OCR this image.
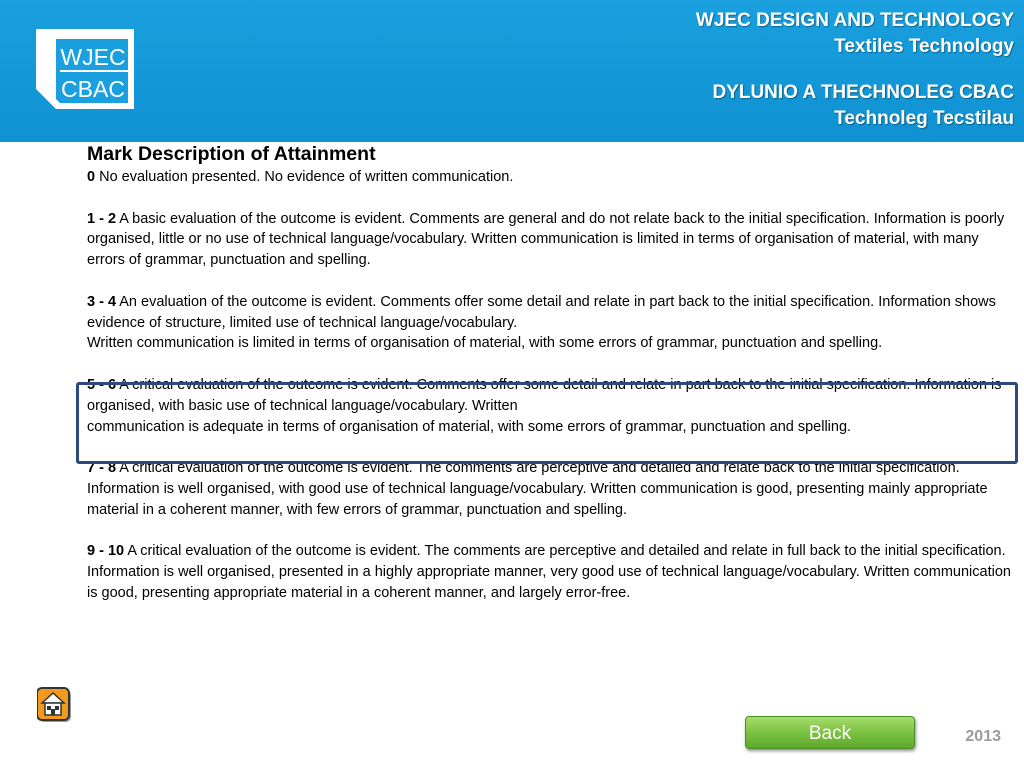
WJEC
CBAC
WJEC DESIGN AND TECHNOLOGY
Textiles Technology
DYLUNIO A THECHNOLEG CBAC
Technoleg Tecstilau
Mark Description of Attainment
0 No evaluation presented. No evidence of written communication.
1 - 2 A basic evaluation of the outcome is evident. Comments are general and do not relate back to the initial specification. Information is poorly organised, little or no use of technical language/vocabulary. Written communication is limited in terms of organisation of material, with many errors of grammar, punctuation and spelling.
3 - 4 An evaluation of the outcome is evident. Comments offer some detail and relate in part back to the initial specification. Information shows evidence of structure, limited use of technical language/vocabulary.
Written communication is limited in terms of organisation of material, with some errors of grammar, punctuation and spelling.
5 - 6 A critical evaluation of the outcome is evident. Comments offer some detail and relate in part back to the initial specification. Information is organised, with basic use of technical language/vocabulary. Written
communication is adequate in terms of organisation of material, with some errors of grammar, punctuation and spelling.
7 - 8 A critical evaluation of the outcome is evident. The comments are perceptive and detailed and relate back to the initial specification. Information is well organised, with good use of technical language/vocabulary. Written communication is good, presenting mainly appropriate material in a coherent manner, with few errors of grammar, punctuation and spelling.
9 - 10 A critical evaluation of the outcome is evident. The comments are perceptive and detailed and relate in full back to the initial specification. Information is well organised, presented in a highly appropriate manner, very good use of technical language/vocabulary. Written communication is good, presenting appropriate material in a coherent manner, and largely error-free.
Back	2013
